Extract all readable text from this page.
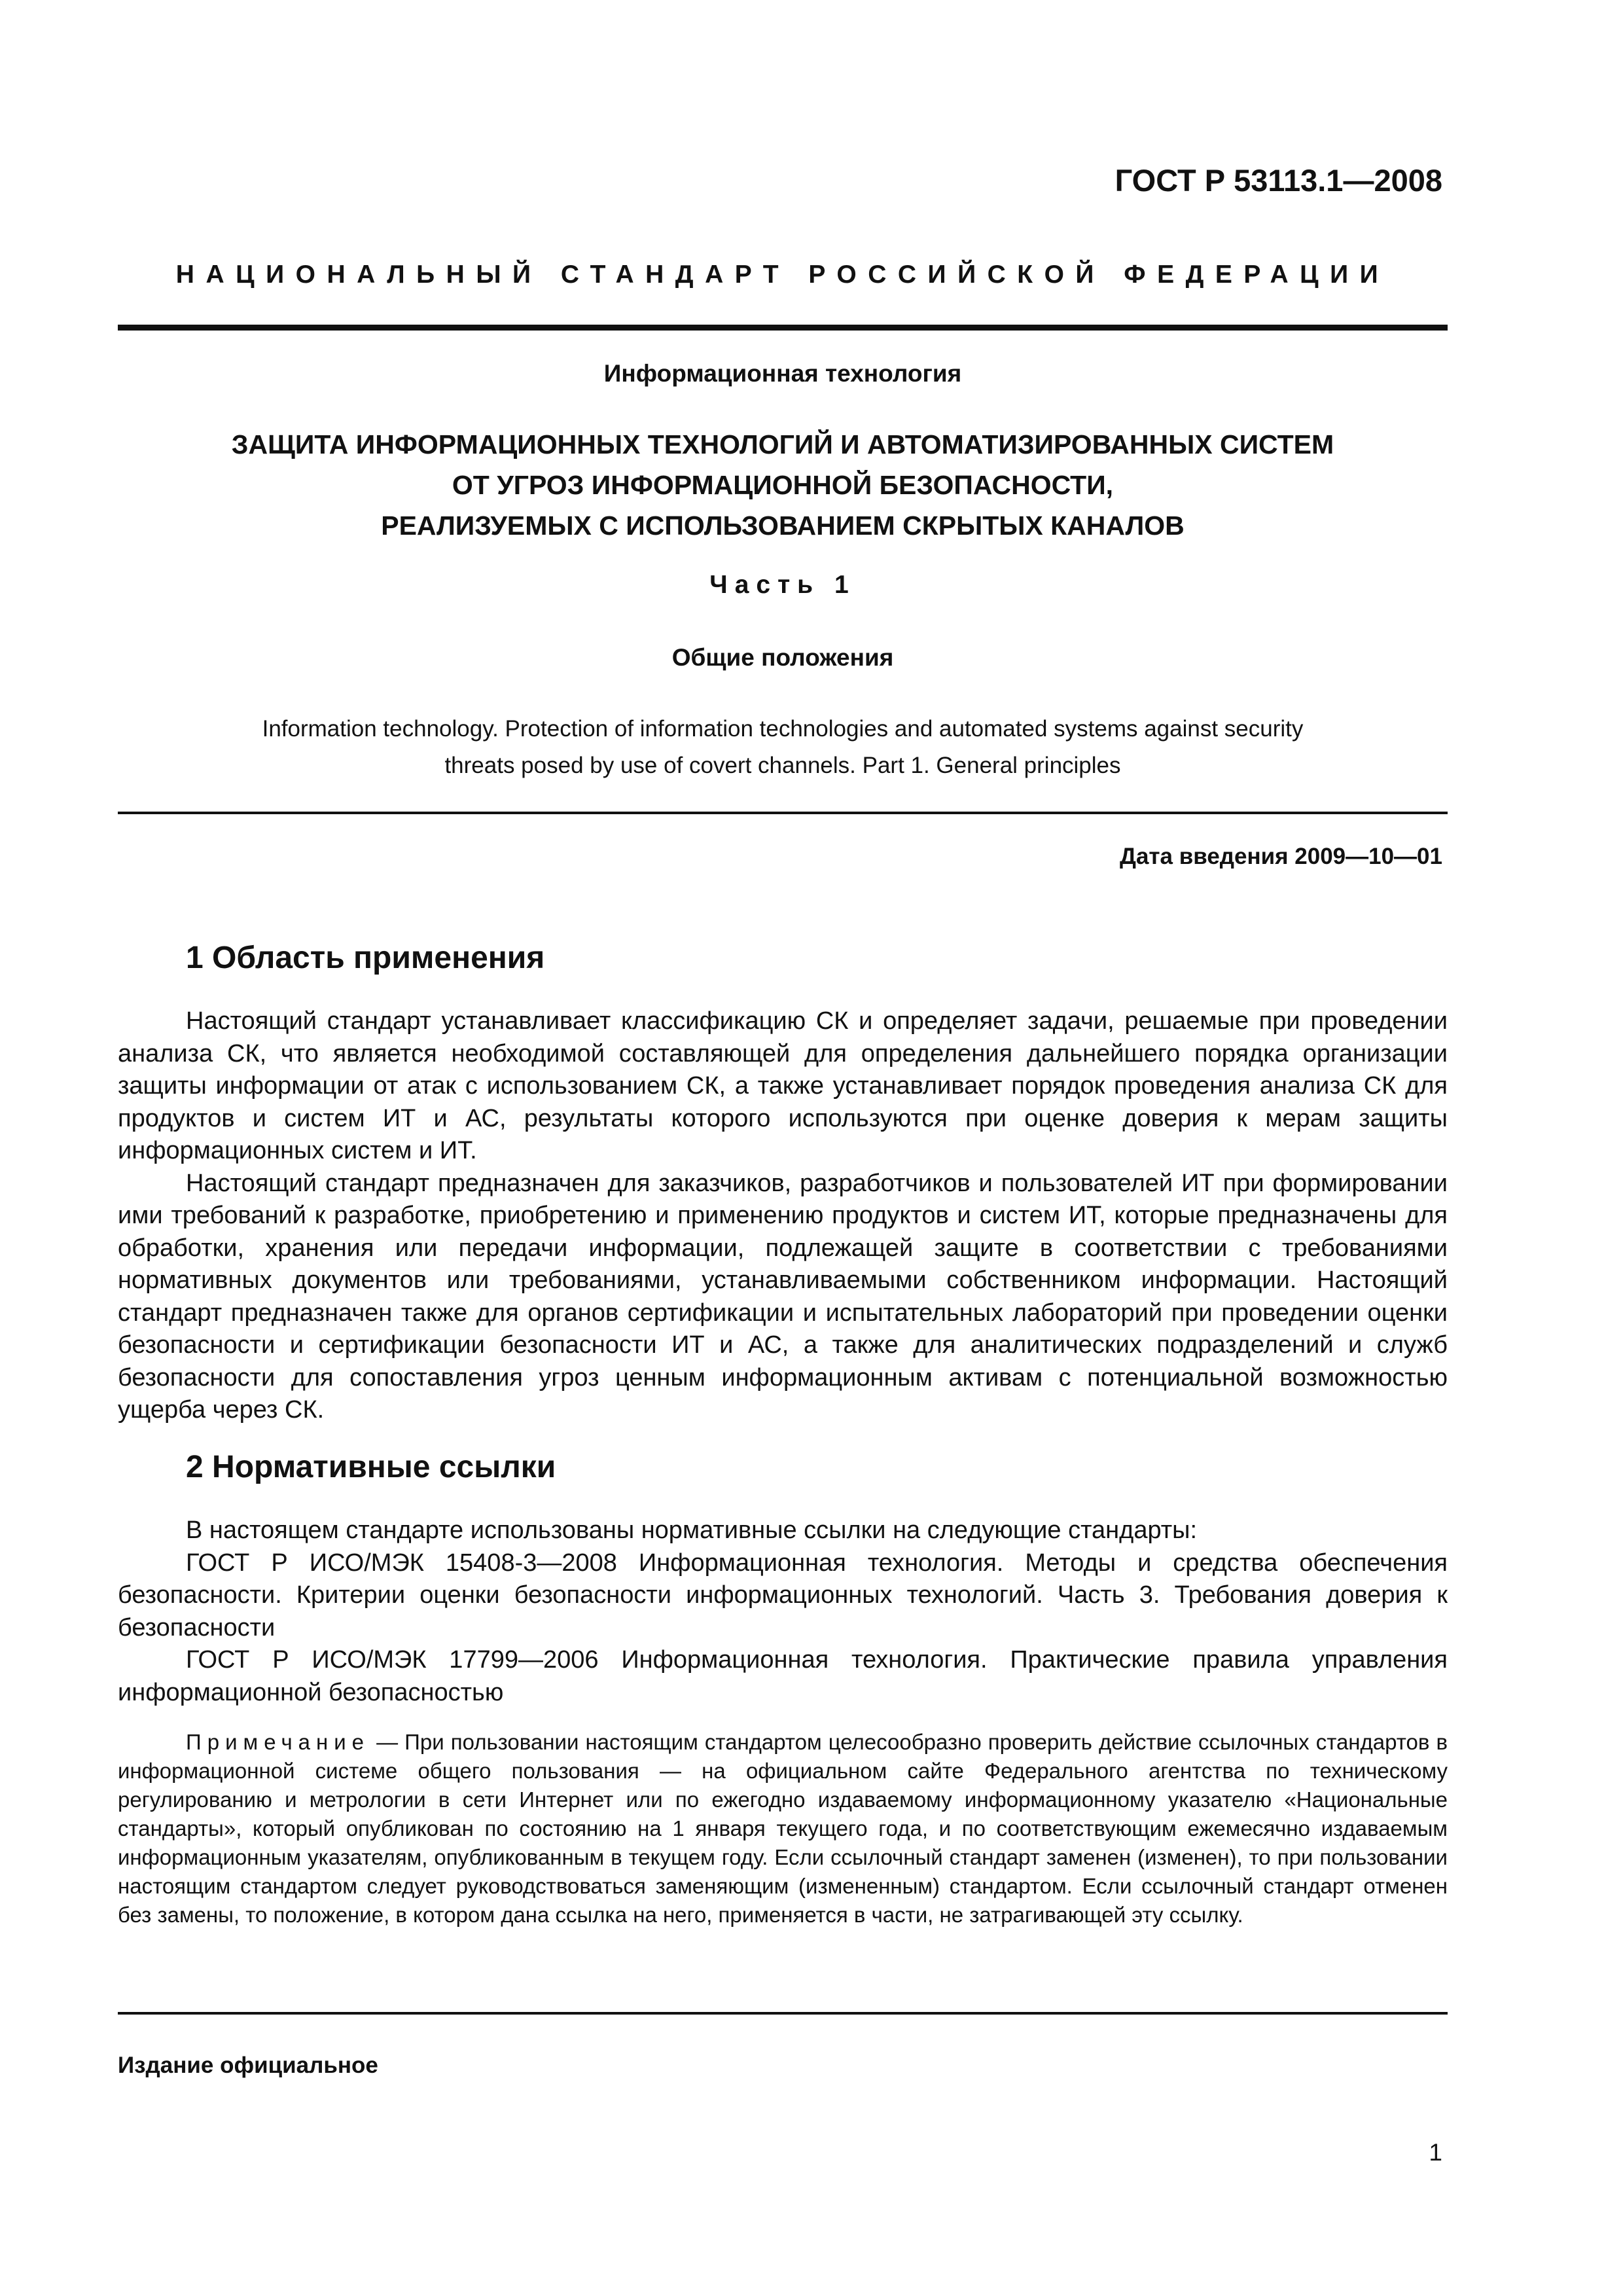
ГОСТ Р 53113.1—2008
НАЦИОНАЛЬНЫЙ СТАНДАРТ РОССИЙСКОЙ ФЕДЕРАЦИИ
Информационная технология
ЗАЩИТА ИНФОРМАЦИОННЫХ ТЕХНОЛОГИЙ И АВТОМАТИЗИРОВАННЫХ СИСТЕМ
ОТ УГРОЗ ИНФОРМАЦИОННОЙ БЕЗОПАСНОСТИ,
РЕАЛИЗУЕМЫХ С ИСПОЛЬЗОВАНИЕМ СКРЫТЫХ КАНАЛОВ
Часть 1
Общие положения
Information technology. Protection of information technologies and automated systems against security
threats posed by use of covert channels. Part 1. General principles
Дата введения 2009—10—01
1 Область применения

Настоящий стандарт устанавливает классификацию СК и определяет задачи, решаемые при проведении анализа СК, что является необходимой составляющей для определения дальнейшего порядка организации защиты информации от атак с использованием СК, а также устанавливает порядок проведения анализа СК для продуктов и систем ИТ и АС, результаты которого используются при оценке доверия к мерам защиты информационных систем и ИТ.

Настоящий стандарт предназначен для заказчиков, разработчиков и пользователей ИТ при формировании ими требований к разработке, приобретению и применению продуктов и систем ИТ, которые предназначены для обработки, хранения или передачи информации, подлежащей защите в соответствии с требованиями нормативных документов или требованиями, устанавливаемыми собственником информации. Настоящий стандарт предназначен также для органов сертификации и испытательных лабораторий при проведении оценки безопасности и сертификации безопасности ИТ и АС, а также для аналитических подразделений и служб безопасности для сопоставления угроз ценным информационным активам с потенциальной возможностью ущерба через СК.

2 Нормативные ссылки

В настоящем стандарте использованы нормативные ссылки на следующие стандарты:

ГОСТ Р ИСО/МЭК 15408-3—2008 Информационная технология. Методы и средства обеспечения безопасности. Критерии оценки безопасности информационных технологий. Часть 3. Требования доверия к безопасности

ГОСТ Р ИСО/МЭК 17799—2006 Информационная технология. Практические правила управления информационной безопасностью

Примечание — При пользовании настоящим стандартом целесообразно проверить действие ссылочных стандартов в информационной системе общего пользования — на официальном сайте Федерального агентства по техническому регулированию и метрологии в сети Интернет или по ежегодно издаваемому информационному указателю «Национальные стандарты», который опубликован по состоянию на 1 января текущего года, и по соответствующим ежемесячно издаваемым информационным указателям, опубликованным в текущем году. Если ссылочный стандарт заменен (изменен), то при пользовании настоящим стандартом следует руководствоваться заменяющим (измененным) стандартом. Если ссылочный стандарт отменен без замены, то положение, в котором дана ссылка на него, применяется в части, не затрагивающей эту ссылку.

Издание официальное
1
